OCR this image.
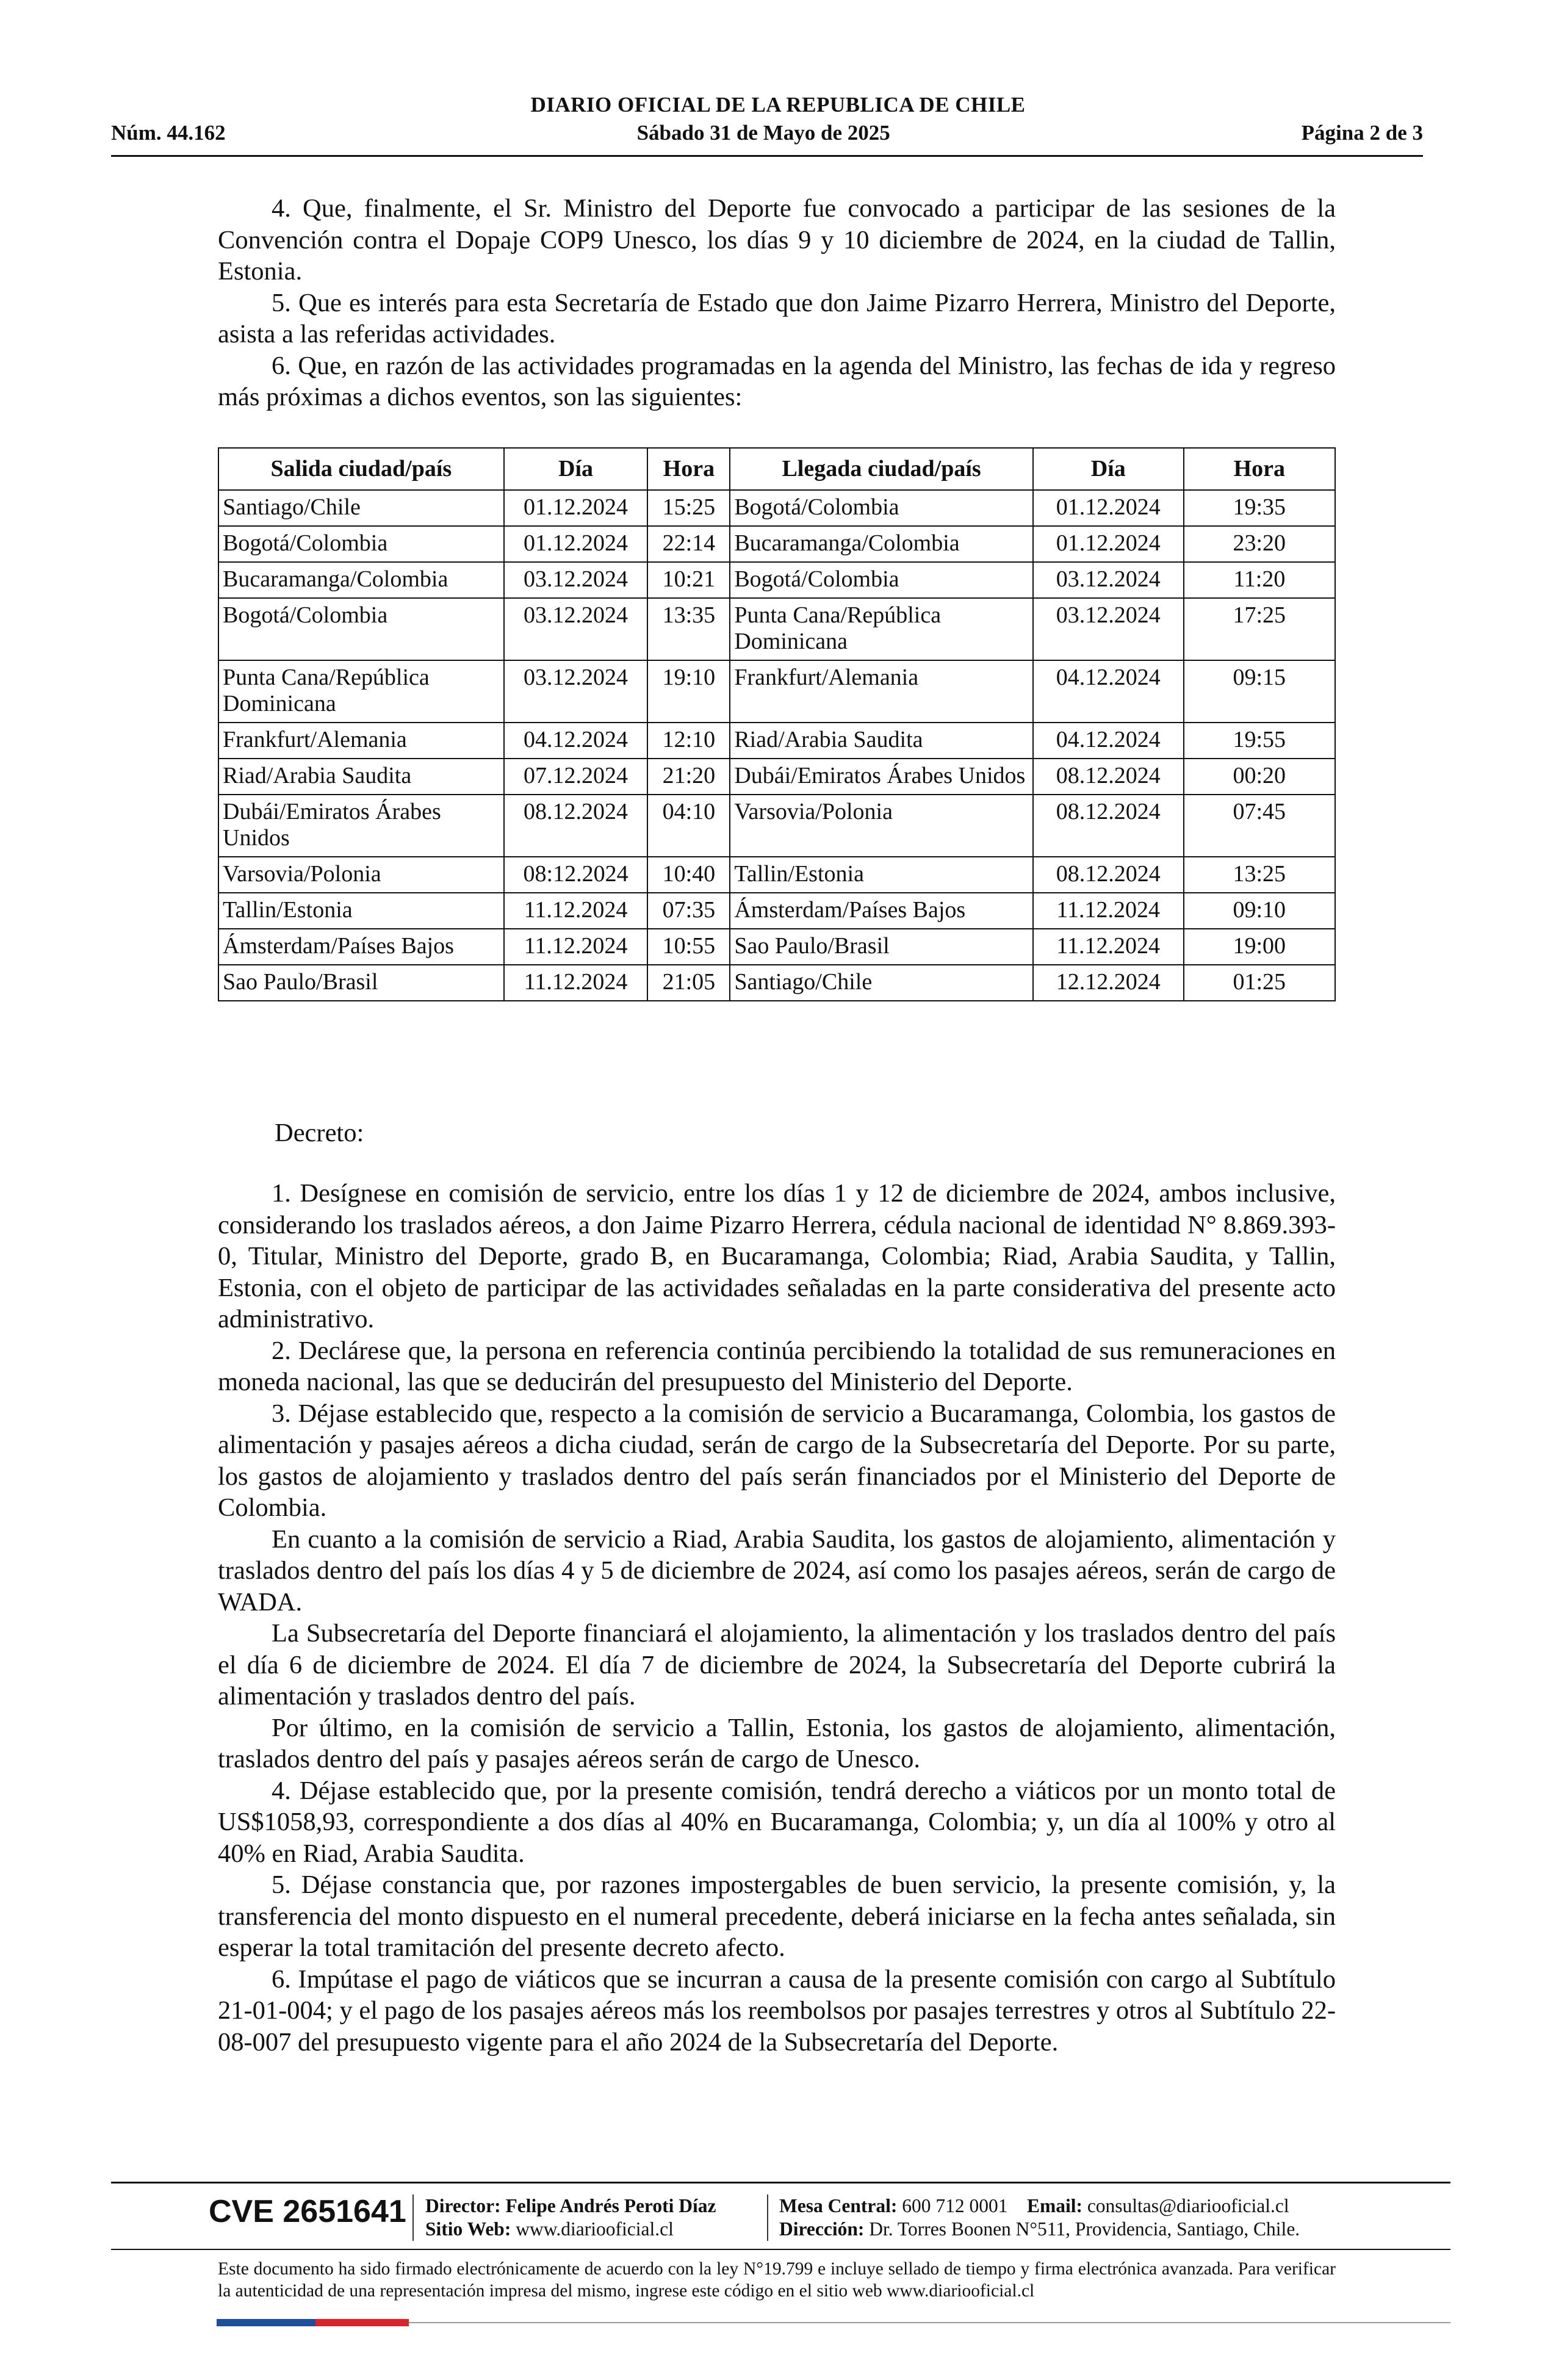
DIARIO OFICIAL DE LA REPUBLICA DE CHILE
Núm. 44.162	Sábado 31 de Mayo de 2025	Página 2 de 3

4. Que, finalmente, el Sr. Ministro del Deporte fue convocado a participar de las sesiones de la Convención contra el Dopaje COP9 Unesco, los días 9 y 10 diciembre de 2024, en la ciudad de Tallin, Estonia.

5. Que es interés para esta Secretaría de Estado que don Jaime Pizarro Herrera, Ministro del Deporte, asista a las referidas actividades.

6. Que, en razón de las actividades programadas en la agenda del Ministro, las fechas de ida y regreso más próximas a dichos eventos, son las siguientes:

Salida ciudad/país	Día	Hora	Llegada ciudad/país	Día	Hora
Santiago/Chile	01.12.2024	15:25	Bogotá/Colombia	01.12.2024	19:35
Bogotá/Colombia	01.12.2024	22:14	Bucaramanga/Colombia	01.12.2024	23:20
Bucaramanga/Colombia	03.12.2024	10:21	Bogotá/Colombia	03.12.2024	11:20
Bogotá/Colombia	03.12.2024	13:35	Punta Cana/República Dominicana	03.12.2024	17:25
Punta Cana/República Dominicana	03.12.2024	19:10	Frankfurt/Alemania	04.12.2024	09:15
Frankfurt/Alemania	04.12.2024	12:10	Riad/Arabia Saudita	04.12.2024	19:55
Riad/Arabia Saudita	07.12.2024	21:20	Dubái/Emiratos Árabes Unidos	08.12.2024	00:20
Dubái/Emiratos Árabes Unidos	08.12.2024	04:10	Varsovia/Polonia	08.12.2024	07:45
Varsovia/Polonia	08:12.2024	10:40	Tallin/Estonia	08.12.2024	13:25
Tallin/Estonia	11.12.2024	07:35	Ámsterdam/Países Bajos	11.12.2024	09:10
Ámsterdam/Países Bajos	11.12.2024	10:55	Sao Paulo/Brasil	11.12.2024	19:00
Sao Paulo/Brasil	11.12.2024	21:05	Santiago/Chile	12.12.2024	01:25
Decreto:

1. Desígnese en comisión de servicio, entre los días 1 y 12 de diciembre de 2024, ambos inclusive, considerando los traslados aéreos, a don Jaime Pizarro Herrera, cédula nacional de identidad N° 8.869.393-0, Titular, Ministro del Deporte, grado B, en Bucaramanga, Colombia; Riad, Arabia Saudita, y Tallin, Estonia, con el objeto de participar de las actividades señaladas en la parte considerativa del presente acto administrativo.

2. Declárese que, la persona en referencia continúa percibiendo la totalidad de sus remuneraciones en moneda nacional, las que se deducirán del presupuesto del Ministerio del Deporte.

3. Déjase establecido que, respecto a la comisión de servicio a Bucaramanga, Colombia, los gastos de alimentación y pasajes aéreos a dicha ciudad, serán de cargo de la Subsecretaría del Deporte. Por su parte, los gastos de alojamiento y traslados dentro del país serán financiados por el Ministerio del Deporte de Colombia.

En cuanto a la comisión de servicio a Riad, Arabia Saudita, los gastos de alojamiento, alimentación y traslados dentro del país los días 4 y 5 de diciembre de 2024, así como los pasajes aéreos, serán de cargo de WADA.

La Subsecretaría del Deporte financiará el alojamiento, la alimentación y los traslados dentro del país el día 6 de diciembre de 2024. El día 7 de diciembre de 2024, la Subsecretaría del Deporte cubrirá la alimentación y traslados dentro del país.

Por último, en la comisión de servicio a Tallin, Estonia, los gastos de alojamiento, alimentación, traslados dentro del país y pasajes aéreos serán de cargo de Unesco.

4. Déjase establecido que, por la presente comisión, tendrá derecho a viáticos por un monto total de US$1058,93, correspondiente a dos días al 40% en Bucaramanga, Colombia; y, un día al 100% y otro al 40% en Riad, Arabia Saudita.

5. Déjase constancia que, por razones impostergables de buen servicio, la presente comisión, y, la transferencia del monto dispuesto en el numeral precedente, deberá iniciarse en la fecha antes señalada, sin esperar la total tramitación del presente decreto afecto.

6. Impútase el pago de viáticos que se incurran a causa de la presente comisión con cargo al Subtítulo 21-01-004; y el pago de los pasajes aéreos más los reembolsos por pasajes terrestres y otros al Subtítulo 22-08-007 del presupuesto vigente para el año 2024 de la Subsecretaría del Deporte.

CVE 2651641 Director: Felipe Andrés Peroti Díaz
Sitio Web: www.diariooficial.cl
Mesa Central: 600 712 0001 Email: consultas@diariooficial.cl
Dirección: Dr. Torres Boonen N°511, Providencia, Santiago, Chile.
Este documento ha sido firmado electrónicamente de acuerdo con la ley N°19.799 e incluye sellado de tiempo y firma electrónica avanzada. Para verificar la autenticidad de una representación impresa del mismo, ingrese este código en el sitio web www.diariooficial.cl
